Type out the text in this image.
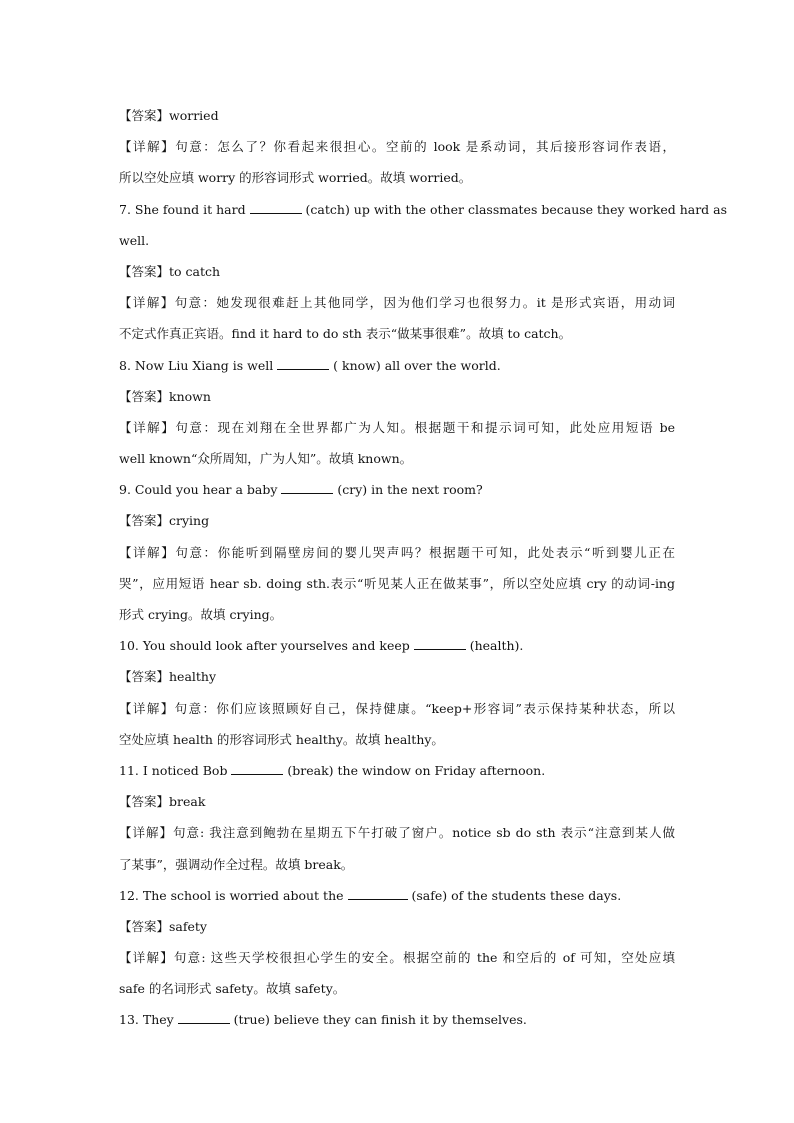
【答案】worried
【详解】句意：怎么了？你看起来很担心。空前的 look 是系动词，其后接形容词作表语，
所以空处应填 worry 的形容词形式 worried。故填 worried。
7. She found it hard	(catch) up with the other classmates because they worked hard as
well.
【答案】to catch
【详解】句意：她发现很难赶上其他同学，因为他们学习也很努力。it 是形式宾语，用动词
不定式作真正宾语。find it hard to do sth 表示“做某事很难”。故填 to catch。
8. Now Liu Xiang is well	( know) all over the world.
【答案】known
【详解】句意：现在刘翔在全世界都广为人知。根据题干和提示词可知，此处应用短语 be
well known“众所周知，广为人知”。故填 known。
9. Could you hear a baby	(cry) in the next room?
【答案】crying
【详解】句意：你能听到隔壁房间的婴儿哭声吗？根据题干可知，此处表示“听到婴儿正在
哭”，应用短语 hear sb. doing sth.表示“听见某人正在做某事”，所以空处应填 cry 的动词-ing
形式 crying。故填 crying。
10. You should look after yourselves and keep	(health).
【答案】healthy
【详解】句意：你们应该照顾好自己，保持健康。“keep+形容词”表示保持某种状态，所以
空处应填 health 的形容词形式 healthy。故填 healthy。
11. I noticed Bob	(break) the window on Friday afternoon.
【答案】break
【详解】句意: 我注意到鲍勃在星期五下午打破了窗户。notice sb do sth 表示“注意到某人做
了某事”，强调动作全过程。故填 break。
12. The school is worried about the	(safe) of the students these days.
【答案】safety
【详解】句意: 这些天学校很担心学生的安全。根据空前的 the 和空后的 of 可知，空处应填
safe 的名词形式 safety。故填 safety。
13. They	(true) believe they can finish it by themselves.
